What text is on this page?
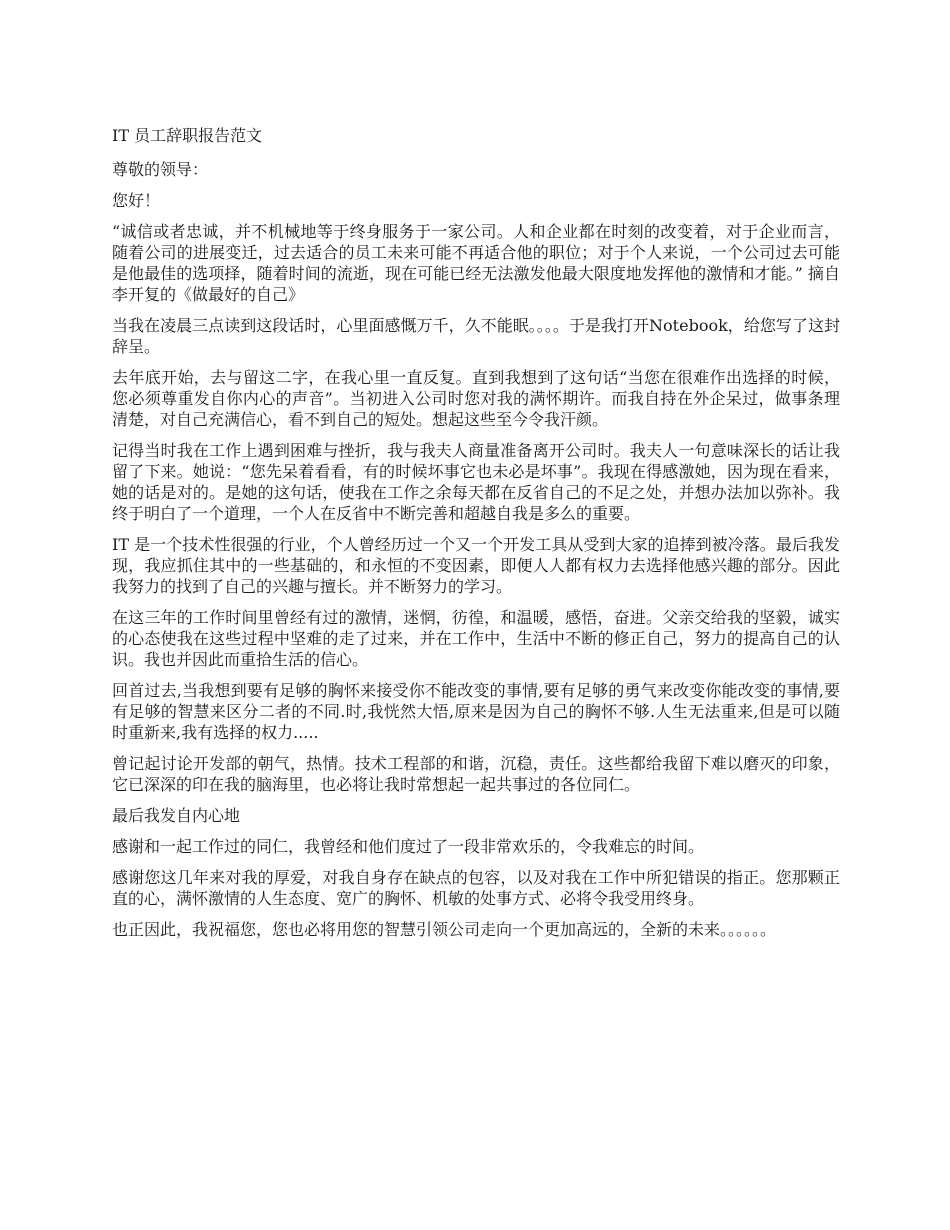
IT 员工辞职报告范文

尊敬的领导：

您好！

“诚信或者忠诚，并不机械地等于终身服务于一家公司。人和企业都在时刻的改变着，对于企业而言，随着公司的进展变迁，过去适合的员工未来可能不再适合他的职位；对于个人来说，一个公司过去可能是他最佳的选项择，随着时间的流逝，现在可能已经无法激发他最大限度地发挥他的激情和才能。” 摘自李开复的《做最好的自己》

当我在凌晨三点读到这段话时，心里面感慨万千，久不能眠。。。。于是我打开Notebook，给您写了这封辞呈。

去年底开始，去与留这二字，在我心里一直反复。直到我想到了这句话“当您在很难作出选择的时候，您必须尊重发自你内心的声音”。当初进入公司时您对我的满怀期许。而我自持在外企呆过，做事条理清楚，对自己充满信心，看不到自己的短处。想起这些至今令我汗颜。

记得当时我在工作上遇到困难与挫折，我与我夫人商量准备离开公司时。我夫人一句意味深长的话让我留了下来。她说：“您先呆着看看，有的时候坏事它也未必是坏事”。我现在得感激她，因为现在看来，她的话是对的。是她的这句话，使我在工作之余每天都在反省自己的不足之处，并想办法加以弥补。我终于明白了一个道理，一个人在反省中不断完善和超越自我是多么的重要。

IT 是一个技术性很强的行业，个人曾经历过一个又一个开发工具从受到大家的追捧到被冷落。最后我发现，我应抓住其中的一些基础的，和永恒的不变因素，即便人人都有权力去选择他感兴趣的部分。因此我努力的找到了自己的兴趣与擅长。并不断努力的学习。

在这三年的工作时间里曾经有过的激情，迷惘，彷徨，和温暖，感悟，奋进。父亲交给我的坚毅，诚实的心态使我在这些过程中坚难的走了过来，并在工作中，生活中不断的修正自己，努力的提高自己的认识。我也并因此而重拾生活的信心。

回首过去,当我想到要有足够的胸怀来接受你不能改变的事情,要有足够的勇气来改变你能改变的事情,要有足够的智慧来区分二者的不同.时,我恍然大悟,原来是因为自己的胸怀不够.人生无法重来,但是可以随时重新来,我有选择的权力.....

曾记起讨论开发部的朝气，热情。技术工程部的和谐，沉稳，责任。这些都给我留下难以磨灭的印象，它已深深的印在我的脑海里，也必将让我时常想起一起共事过的各位同仁。

最后我发自内心地

感谢和一起工作过的同仁，我曾经和他们度过了一段非常欢乐的，令我难忘的时间。

感谢您这几年来对我的厚爱，对我自身存在缺点的包容，以及对我在工作中所犯错误的指正。您那颗正直的心，满怀激情的人生态度、宽广的胸怀、机敏的处事方式、必将令我受用终身。

也正因此，我祝福您，您也必将用您的智慧引领公司走向一个更加高远的，全新的未来。。。。。。
